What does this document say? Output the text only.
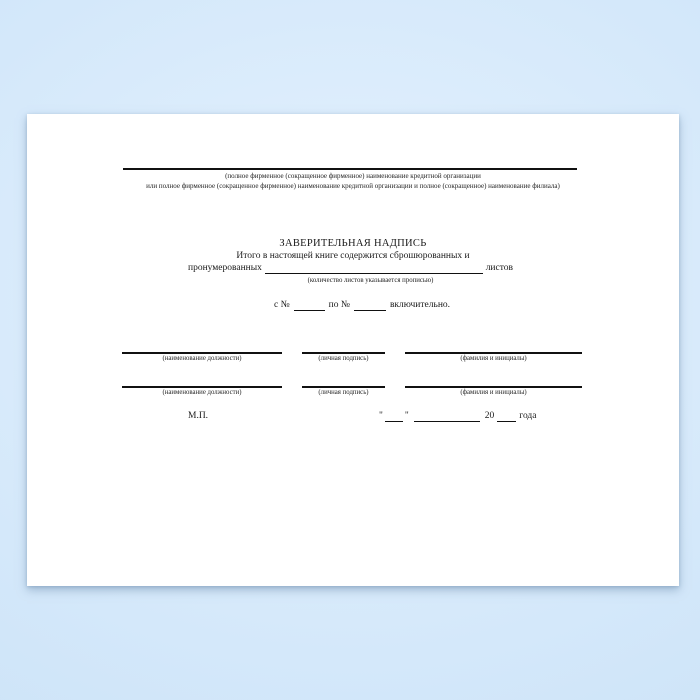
(полное фирменное (сокращенное фирменное) наименование кредитной организации
или полное фирменное (сокращенное фирменное) наименование кредитной организации и полное (сокращенное) наименование филиала)
ЗАВЕРИТЕЛЬНАЯ НАДПИСЬ
Итого в настоящей книге содержится сброшюрованных и
пронумерованных	листов
(количество листов указывается прописью)
с №	по №	включительно.
(наименование должности)	(личная подпись)	(фамилия и инициалы)
(наименование должности)	(личная подпись)	(фамилия и инициалы)
М.П.	" "	20	года
